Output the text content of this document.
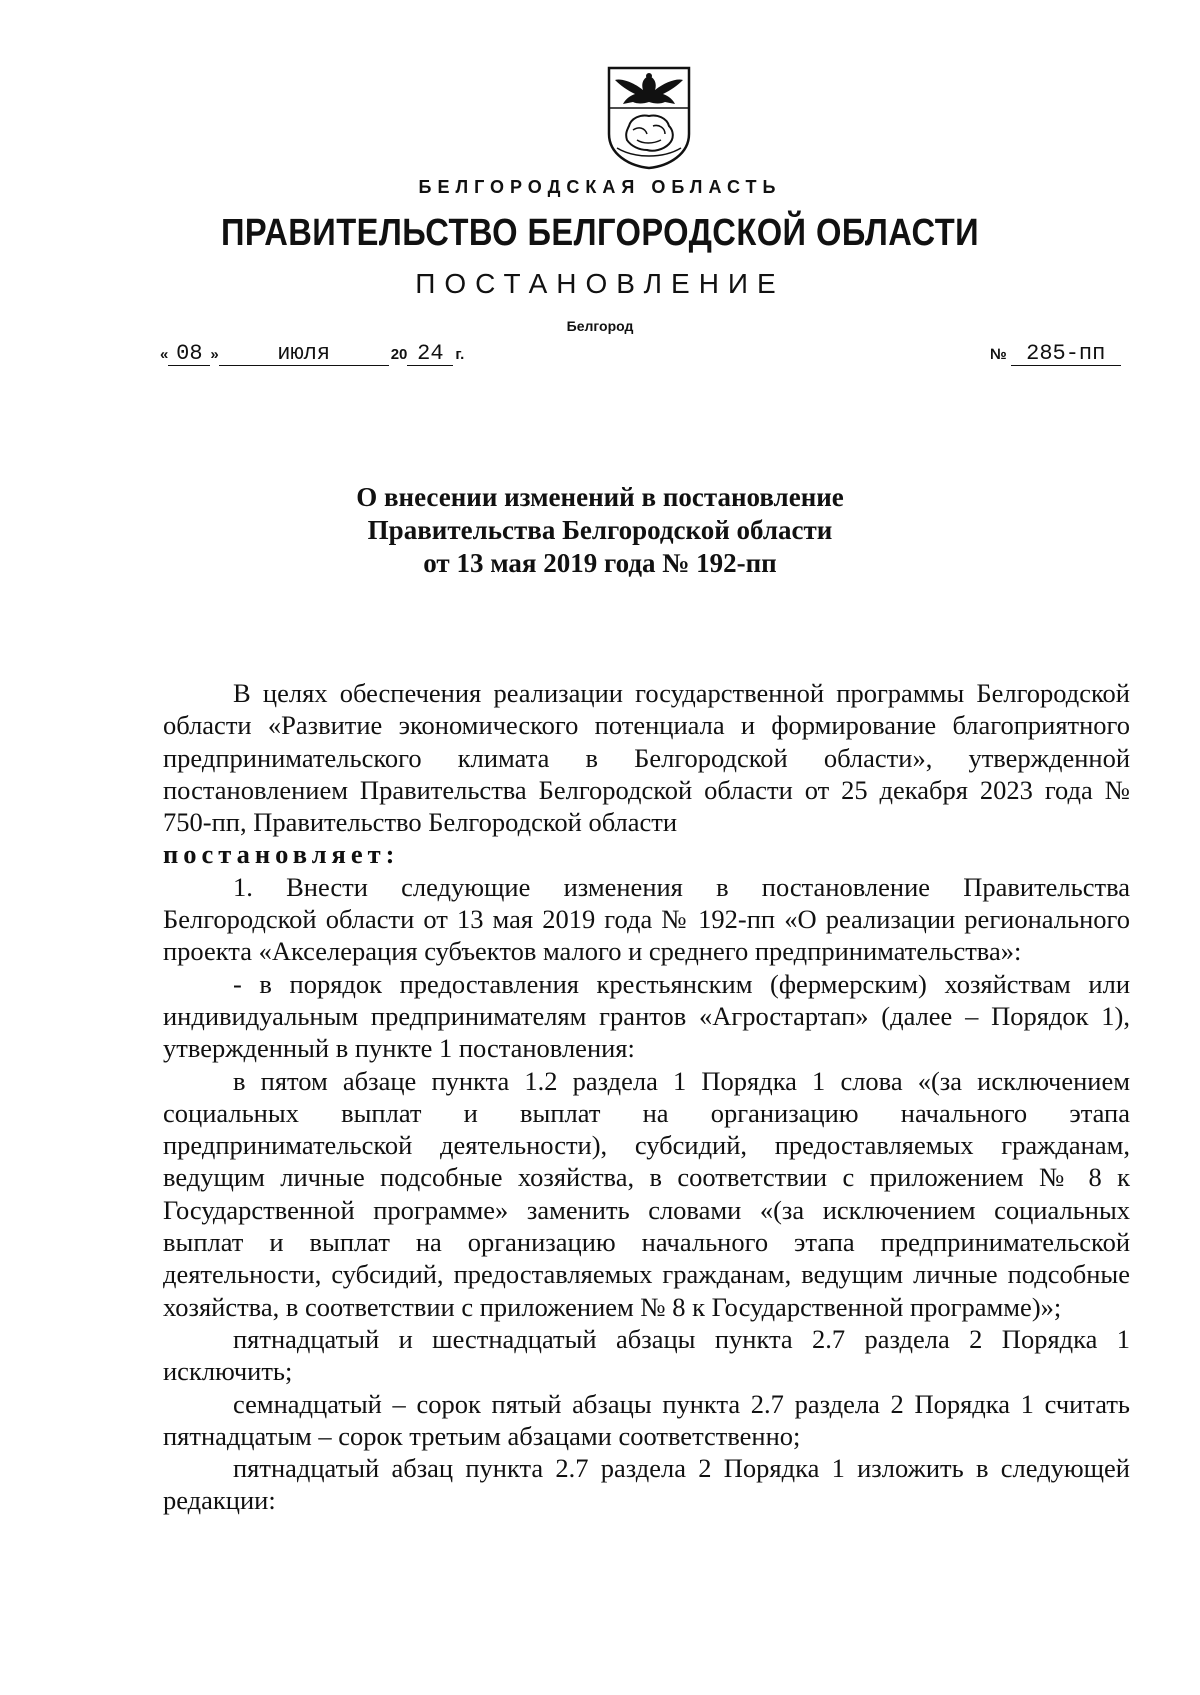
БЕЛГОРОДСКАЯ ОБЛАСТЬ
ПРАВИТЕЛЬСТВО БЕЛГОРОДСКОЙ ОБЛАСТИ
ПОСТАНОВЛЕНИЕ
Белгород
« 08 »	июля	20 24 г.	№ 285-пп
О внесении изменений в постановление
Правительства Белгородской области
от 13 мая 2019 года № 192-пп

В целях обеспечения реализации государственной программы Белгородской области «Развитие экономического потенциала и формирование благоприятного предпринимательского климата в Белгородской области», утвержденной постановлением Правительства Белгородской области от 25 декабря 2023 года № 750-пп, Правительство Белгородской области

постановляет:

1. Внести следующие изменения в постановление Правительства Белгородской области от 13 мая 2019 года № 192-пп «О реализации регионального проекта «Акселерация субъектов малого и среднего предпринимательства»:

- в порядок предоставления крестьянским (фермерским) хозяйствам или индивидуальным предпринимателям грантов «Агростартап» (далее – Порядок 1), утвержденный в пункте 1 постановления:

в пятом абзаце пункта 1.2 раздела 1 Порядка 1 слова «(за исключением социальных выплат и выплат на организацию начального этапа предпринимательской деятельности), субсидий, предоставляемых гражданам, ведущим личные подсобные хозяйства, в соответствии с приложением № 8 к Государственной программе» заменить словами «(за исключением социальных выплат и выплат на организацию начального этапа предпринимательской деятельности, субсидий, предоставляемых гражданам, ведущим личные подсобные хозяйства, в соответствии с приложением № 8 к Государственной программе)»;

пятнадцатый и шестнадцатый абзацы пункта 2.7 раздела 2 Порядка 1 исключить;

семнадцатый – сорок пятый абзацы пункта 2.7 раздела 2 Порядка 1 считать пятнадцатым – сорок третьим абзацами соответственно;

пятнадцатый абзац пункта 2.7 раздела 2 Порядка 1 изложить в следующей редакции:
